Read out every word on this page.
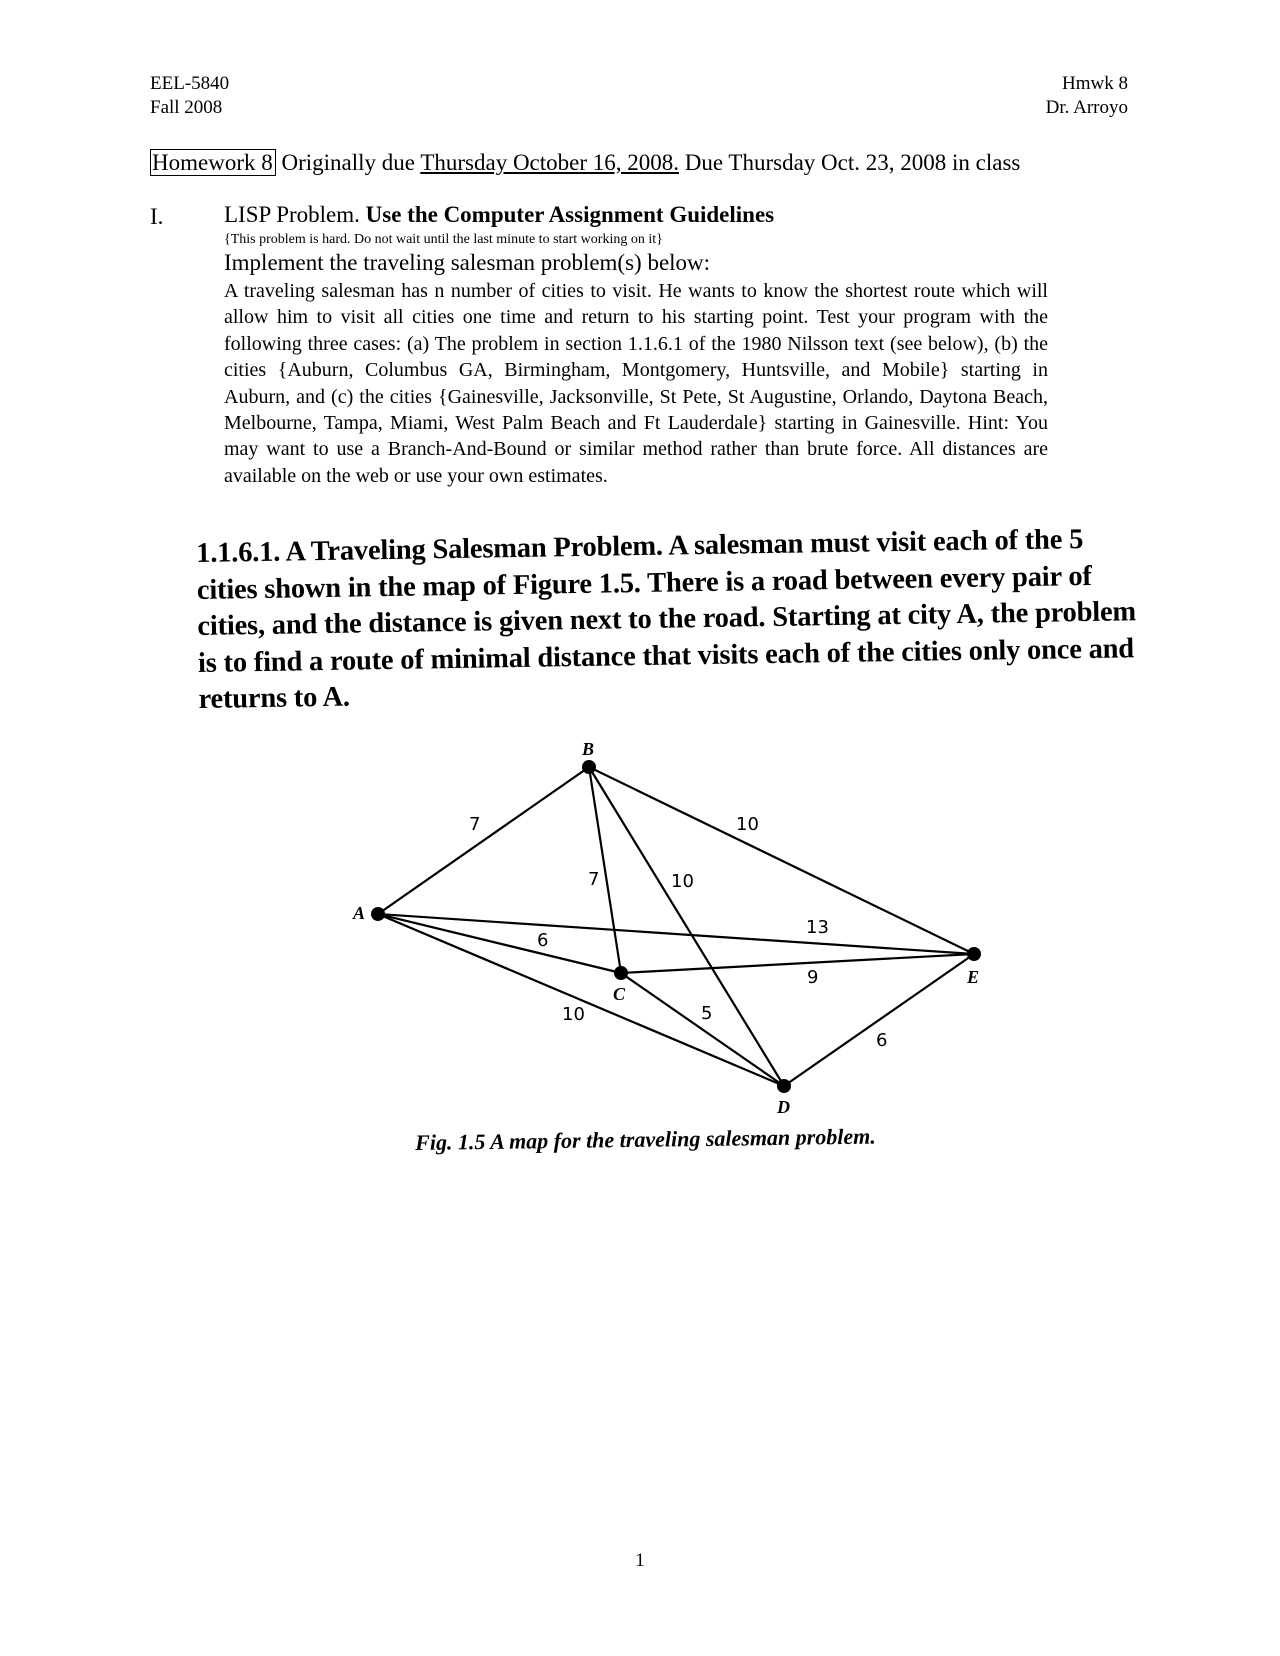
EEL-5840
Fall 2008
Hmwk 8
Dr. Arroyo
Homework 8 Originally due Thursday October 16, 2008. Due Thursday Oct. 23, 2008 in class
I.	LISP Problem. Use the Computer Assignment Guidelines
{This problem is hard. Do not wait until the last minute to start working on it}
Implement the traveling salesman problem(s) below:
A traveling salesman has n number of cities to visit. He wants to know the shortest route which will allow him to visit all cities one time and return to his starting point. Test your program with the following three cases: (a) The problem in section 1.1.6.1 of the 1980 Nilsson text (see below), (b) the cities {Auburn, Columbus GA, Birmingham, Montgomery, Huntsville, and Mobile} starting in Auburn, and (c) the cities {Gainesville, Jacksonville, St Pete, St Augustine, Orlando, Daytona Beach, Melbourne, Tampa, Miami, West Palm Beach and Ft Lauderdale} starting in Gainesville. Hint: You may want to use a Branch-And-Bound or similar method rather than brute force. All distances are available on the web or use your own estimates.
1.1.6.1. A Traveling Salesman Problem. A salesman must visit each of the 5 cities shown in the map of Figure 1.5. There is a road between every pair of cities, and the distance is given next to the road. Starting at city A, the problem is to find a route of minimal distance that visits each of the cities only once and returns to A.
A
B
C
D
E
7	10
7	10
13
6
9
10	5
6
Fig. 1.5 A map for the traveling salesman problem.
1
